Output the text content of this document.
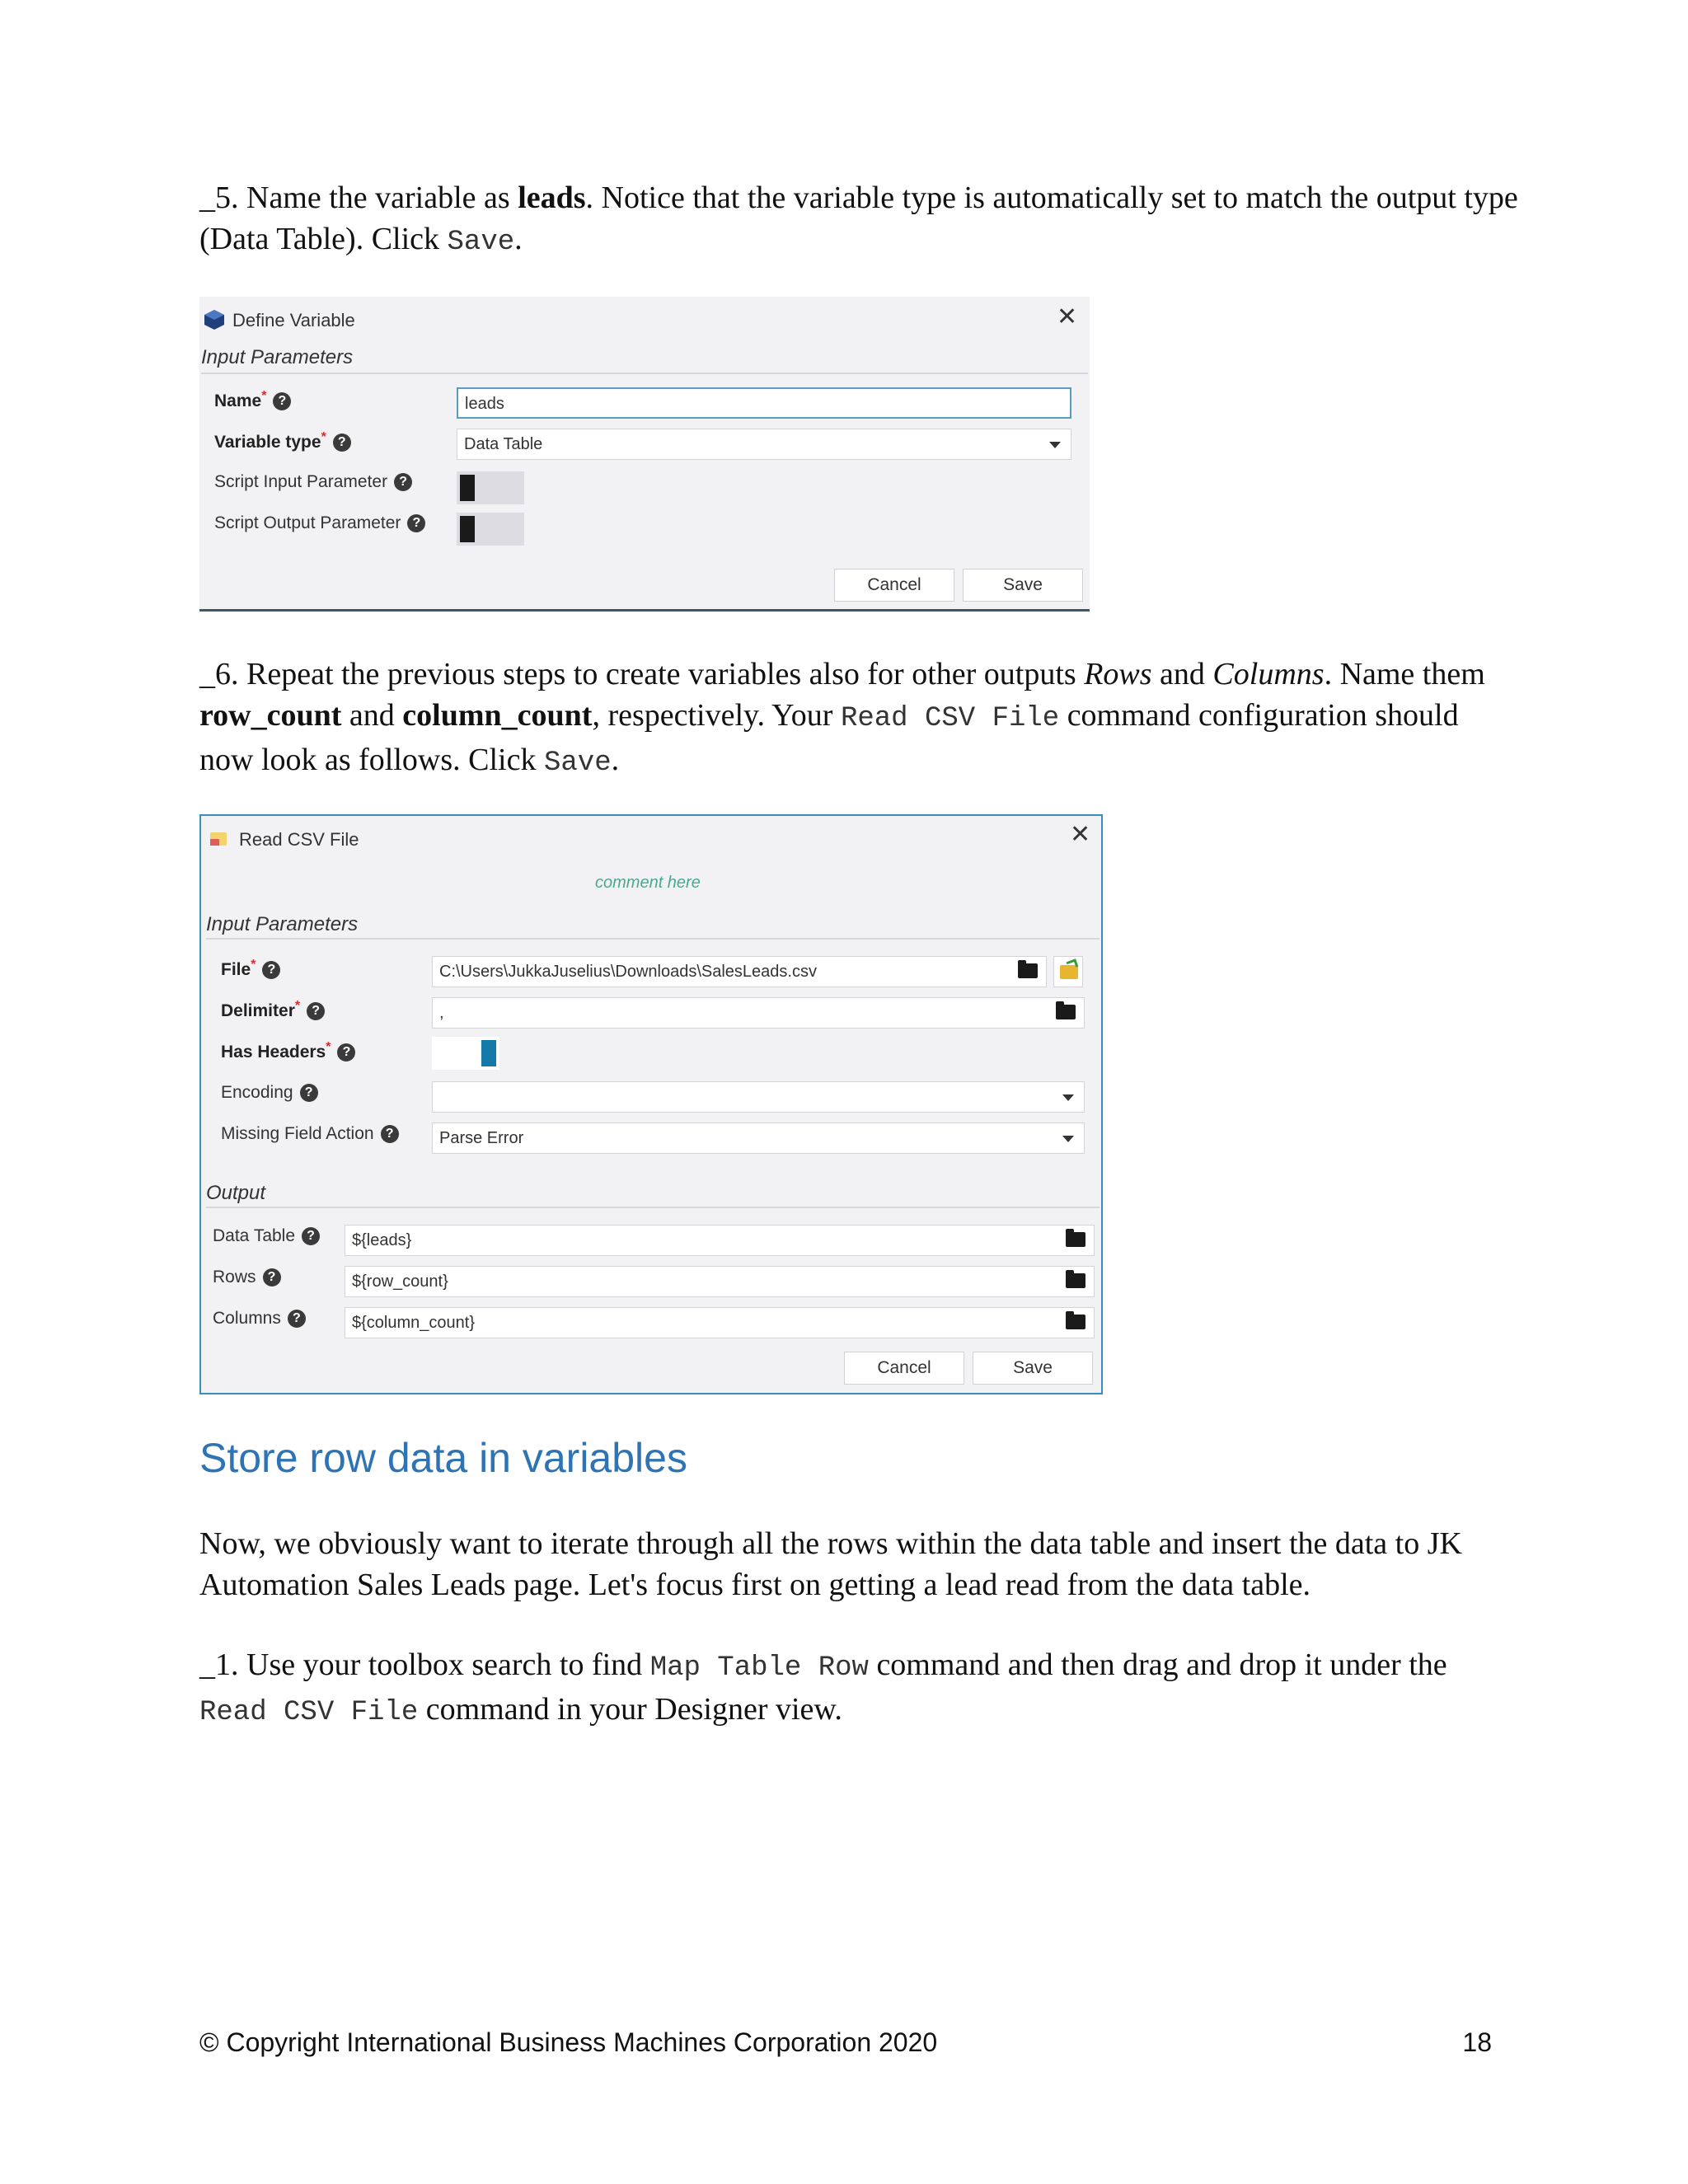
_5. Name the variable as leads. Notice that the variable type is automatically set to match the output type (Data Table). Click Save.

Define Variable	✕
Input Parameters
Name* ?	leads
Variable type* ?	Data Table
Script Input Parameter ?
Script Output Parameter ?
Cancel	Save

_6. Repeat the previous steps to create variables also for other outputs Rows and Columns. Name them row_count and column_count, respectively. Your Read CSV File command configuration should now look as follows. Click Save.

Read CSV File	✕
comment here
Input Parameters
File* ?	C:\Users\JukkaJuselius\Downloads\SalesLeads.csv
Delimiter* ?	,
Has Headers* ?
Encoding ?
Missing Field Action ?	Parse Error
Output
Data Table ?	${leads}
Rows ?	${row_count}
Columns ?	${column_count}
Cancel	Save
Store row data in variables

Now, we obviously want to iterate through all the rows within the data table and insert the data to JK Automation Sales Leads page. Let's focus first on getting a lead read from the data table.

_1. Use your toolbox search to find Map Table Row command and then drag and drop it under the Read CSV File command in your Designer view.

© Copyright International Business Machines Corporation 2020	18
